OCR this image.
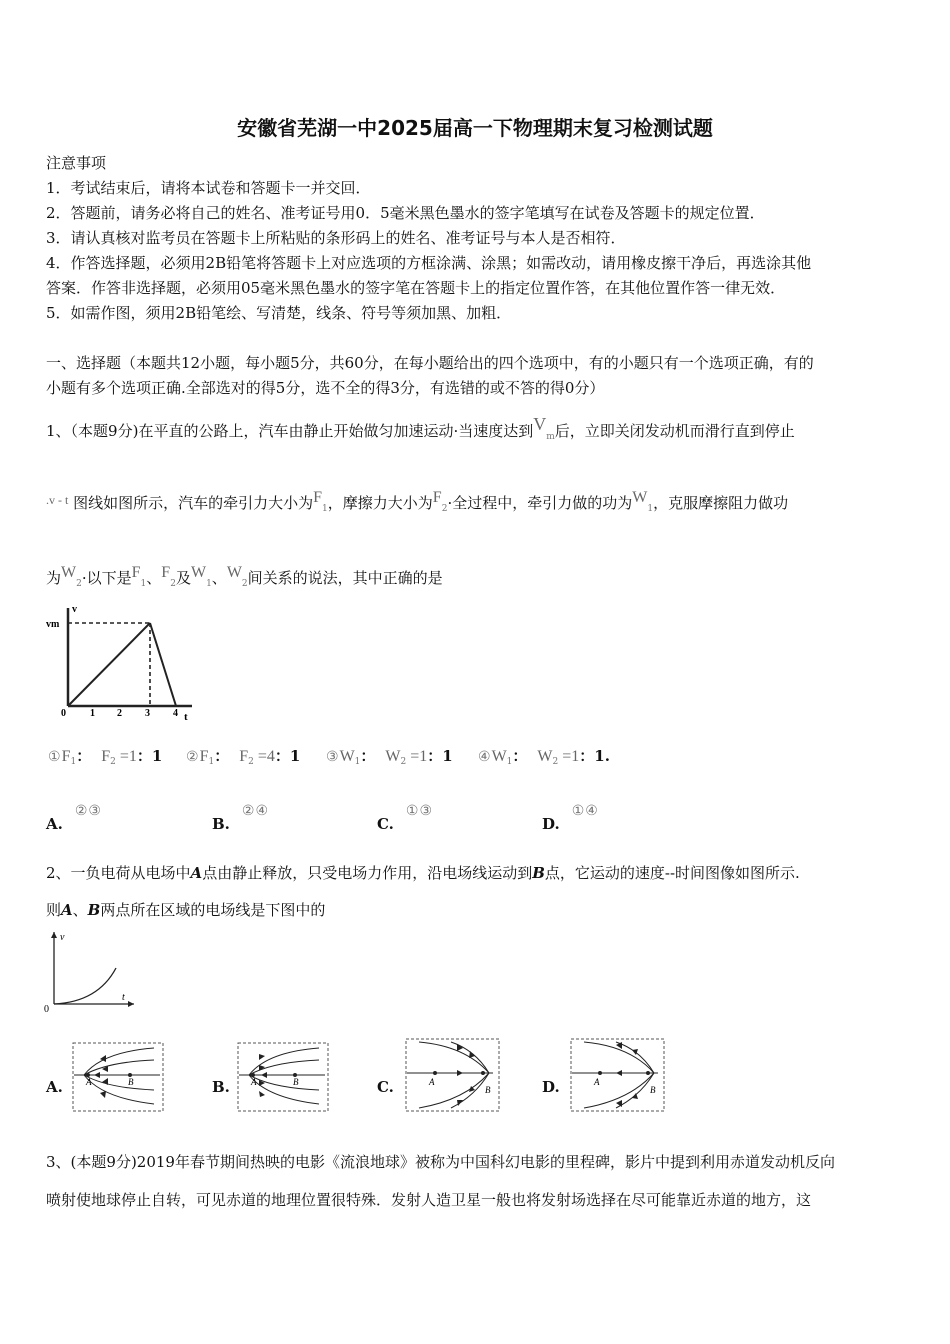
安徽省芜湖一中2025届高一下物理期末复习检测试题
注意事项
1．考试结束后，请将本试卷和答题卡一并交回．
2．答题前，请务必将自己的姓名、准考证号用0．5毫米黑色墨水的签字笔填写在试卷及答题卡的规定位置．
3．请认真核对监考员在答题卡上所粘贴的条形码上的姓名、准考证号与本人是否相符．
4．作答选择题，必须用2B铅笔将答题卡上对应选项的方框涂满、涂黑；如需改动，请用橡皮擦干净后，再选涂其他
答案．作答非选择题，必须用05毫米黑色墨水的签字笔在答题卡上的指定位置作答，在其他位置作答一律无效．
5．如需作图，须用2B铅笔绘、写清楚，线条、符号等须加黑、加粗．
一、选择题（本题共12小题，每小题5分，共60分，在每小题给出的四个选项中，有的小题只有一个选项正确，有的
小题有多个选项正确.全部选对的得5分，选不全的得3分，有选错的或不答的得0分）
1、（本题9分)在平直的公路上，汽车由静止开始做匀加速运动·当速度达到$V_m$后，立即关闭发动机而滑行直到停止
$^{.v - t}$ 图线如图所示，汽车的牵引力大小为$F_1$，摩擦力大小为$F_2\cdot$全过程中，牵引力做的功为$W_1$，克服摩擦阻力做功
为$W_2\cdot$以下是$F_1$、$F_2$及$W_1$、$W_2$间关系的说法，其中正确的是
vm
v
t
0 1 2 3 4
$①F_1$： $F_2 =1$：1 $②F_1$： $F_2 =4$：1 $③W_1$： $W_2 =1$：1 $④W_1$： $W_2 =1$：1.
A.②③
B.②④
C.①③
D.①④
2、一负电荷从电场中A点由静止释放，只受电场力作用，沿电场线运动到B点，它运动的速度--时间图像如图所示.
则A、B两点所在区域的电场线是下图中的
v
t
0
A.	A	B	B. A	B	C.	A
B	D.	A
B
3、(本题9分)2019年春节期间热映的电影《流浪地球》被称为中国科幻电影的里程碑，影片中提到利用赤道发动机反向
喷射使地球停止自转，可见赤道的地理位置很特殊．发射人造卫星一般也将发射场选择在尽可能靠近赤道的地方，这
